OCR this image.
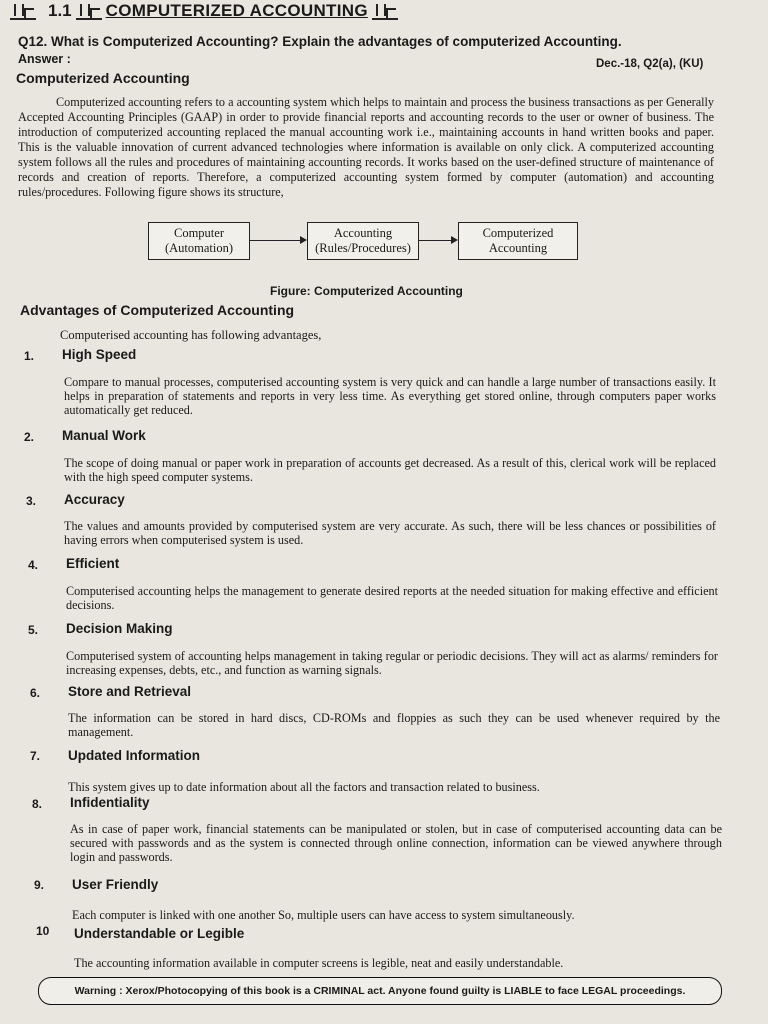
1.1 COMPUTERIZED ACCOUNTING
Q12. What is Computerized Accounting? Explain the advantages of computerized Accounting.
Answer :	Dec.-18, Q2(a), (KU)
Computerized Accounting
Computerized accounting refers to a accounting system which helps to maintain and process the business transactions as per Generally Accepted Accounting Principles (GAAP) in order to provide financial reports and accounting records to the user or owner of business. The introduction of computerized accounting replaced the manual accounting work i.e., maintaining accounts in hand written books and paper. This is the valuable innovation of current advanced technologies where information is available on only click. A computerized accounting system follows all the rules and procedures of maintaining accounting records. It works based on the user-defined structure of maintenance of records and creation of reports. Therefore, a computerized accounting system formed by computer (automation) and accounting rules/procedures. Following figure shows its structure,
Computer
(Automation)
Accounting
(Rules/Procedures)
Computerized
Accounting
Figure: Computerized Accounting
Advantages of Computerized Accounting
Computerised accounting has following advantages,
1. High Speed
Compare to manual processes, computerised accounting system is very quick and can handle a large number of transactions easily. It helps in preparation of statements and reports in very less time. As everything get stored online, through computers paper works automatically get reduced.
2. Manual Work
The scope of doing manual or paper work in preparation of accounts get decreased. As a result of this, clerical work will be replaced with the high speed computer systems.
3. Accuracy
The values and amounts provided by computerised system are very accurate. As such, there will be less chances or possibilities of having errors when computerised system is used.
4. Efficient
Computerised accounting helps the management to generate desired reports at the needed situation for making effective and efficient decisions.
5. Decision Making
Computerised system of accounting helps management in taking regular or periodic decisions. They will act as alarms/ reminders for increasing expenses, debts, etc., and function as warning signals.
6. Store and Retrieval
The information can be stored in hard discs, CD-ROMs and floppies as such they can be used whenever required by the management.
7. Updated Information
This system gives up to date information about all the factors and transaction related to business.
8. Infidentiality
As in case of paper work, financial statements can be manipulated or stolen, but in case of computerised accounting data can be secured with passwords and as the system is connected through online connection, information can be viewed anywhere through login and passwords.
9. User Friendly
Each computer is linked with one another So, multiple users can have access to system simultaneously.
10 Understandable or Legible
The accounting information available in computer screens is legible, neat and easily understandable.
Warning : Xerox/Photocopying of this book is a CRIMINAL act. Anyone found guilty is LIABLE to face LEGAL proceedings.
